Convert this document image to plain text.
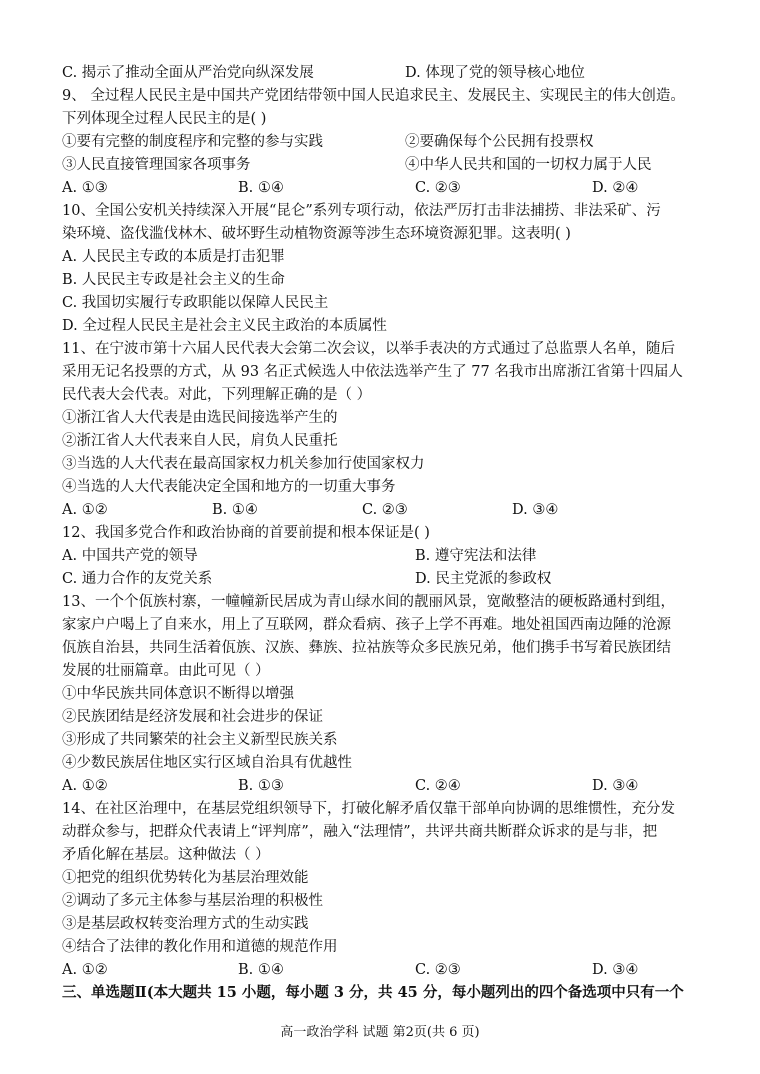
C. 揭示了推动全面从严治党向纵深发展	D. 体现了党的领导核心地位
9、 全过程人民民主是中国共产党团结带领中国人民追求民主、发展民主、实现民主的伟大创造。
下列体现全过程人民民主的是( )
①要有完整的制度程序和完整的参与实践	②要确保每个公民拥有投票权
③人民直接管理国家各项事务	④中华人民共和国的一切权力属于人民
A. ①③	B. ①④	C. ②③	D. ②④
10、全国公安机关持续深入开展“昆仑”系列专项行动，依法严厉打击非法捕捞、非法采矿、污
染环境、盗伐滥伐林木、破坏野生动植物资源等涉生态环境资源犯罪。这表明( )
A. 人民民主专政的本质是打击犯罪
B. 人民民主专政是社会主义的生命
C. 我国切实履行专政职能以保障人民民主
D. 全过程人民民主是社会主义民主政治的本质属性
11、在宁波市第十六届人民代表大会第二次会议，以举手表决的方式通过了总监票人名单，随后
采用无记名投票的方式，从 93 名正式候选人中依法选举产生了 77 名我市出席浙江省第十四届人
民代表大会代表。对此，下列理解正确的是（ ）
①浙江省人大代表是由选民间接选举产生的
②浙江省人大代表来自人民，肩负人民重托
③当选的人大代表在最高国家权力机关参加行使国家权力
④当选的人大代表能决定全国和地方的一切重大事务
A. ①②	B. ①④	C. ②③	D. ③④
12、我国多党合作和政治协商的首要前提和根本保证是( )
A. 中国共产党的领导	B. 遵守宪法和法律
C. 通力合作的友党关系	D. 民主党派的参政权
13、一个个佤族村寨，一幢幢新民居成为青山绿水间的靓丽风景，宽敞整洁的硬板路通村到组，
家家户户喝上了自来水，用上了互联网，群众看病、孩子上学不再难。地处祖国西南边陲的沧源
佤族自治县，共同生活着佤族、汉族、彝族、拉祜族等众多民族兄弟，他们携手书写着民族团结
发展的壮丽篇章。由此可见（ ）
①中华民族共同体意识不断得以增强
②民族团结是经济发展和社会进步的保证
③形成了共同繁荣的社会主义新型民族关系
④少数民族居住地区实行区域自治具有优越性
A. ①②	B. ①③	C. ②④	D. ③④
14、在社区治理中，在基层党组织领导下，打破化解矛盾仅靠干部单向协调的思维惯性，充分发
动群众参与，把群众代表请上“评判席”，融入“法理情”，共评共商共断群众诉求的是与非，把
矛盾化解在基层。这种做法（ ）
①把党的组织优势转化为基层治理效能
②调动了多元主体参与基层治理的积极性
③是基层政权转变治理方式的生动实践
④结合了法律的教化作用和道德的规范作用
A. ①②	B. ①④	C. ②③	D. ③④
三、单选题Ⅱ(本大题共 15 小题，每小题 3 分，共 45 分，每小题列出的四个备选项中只有一个
高一政治学科 试题 第2页(共 6 页)
